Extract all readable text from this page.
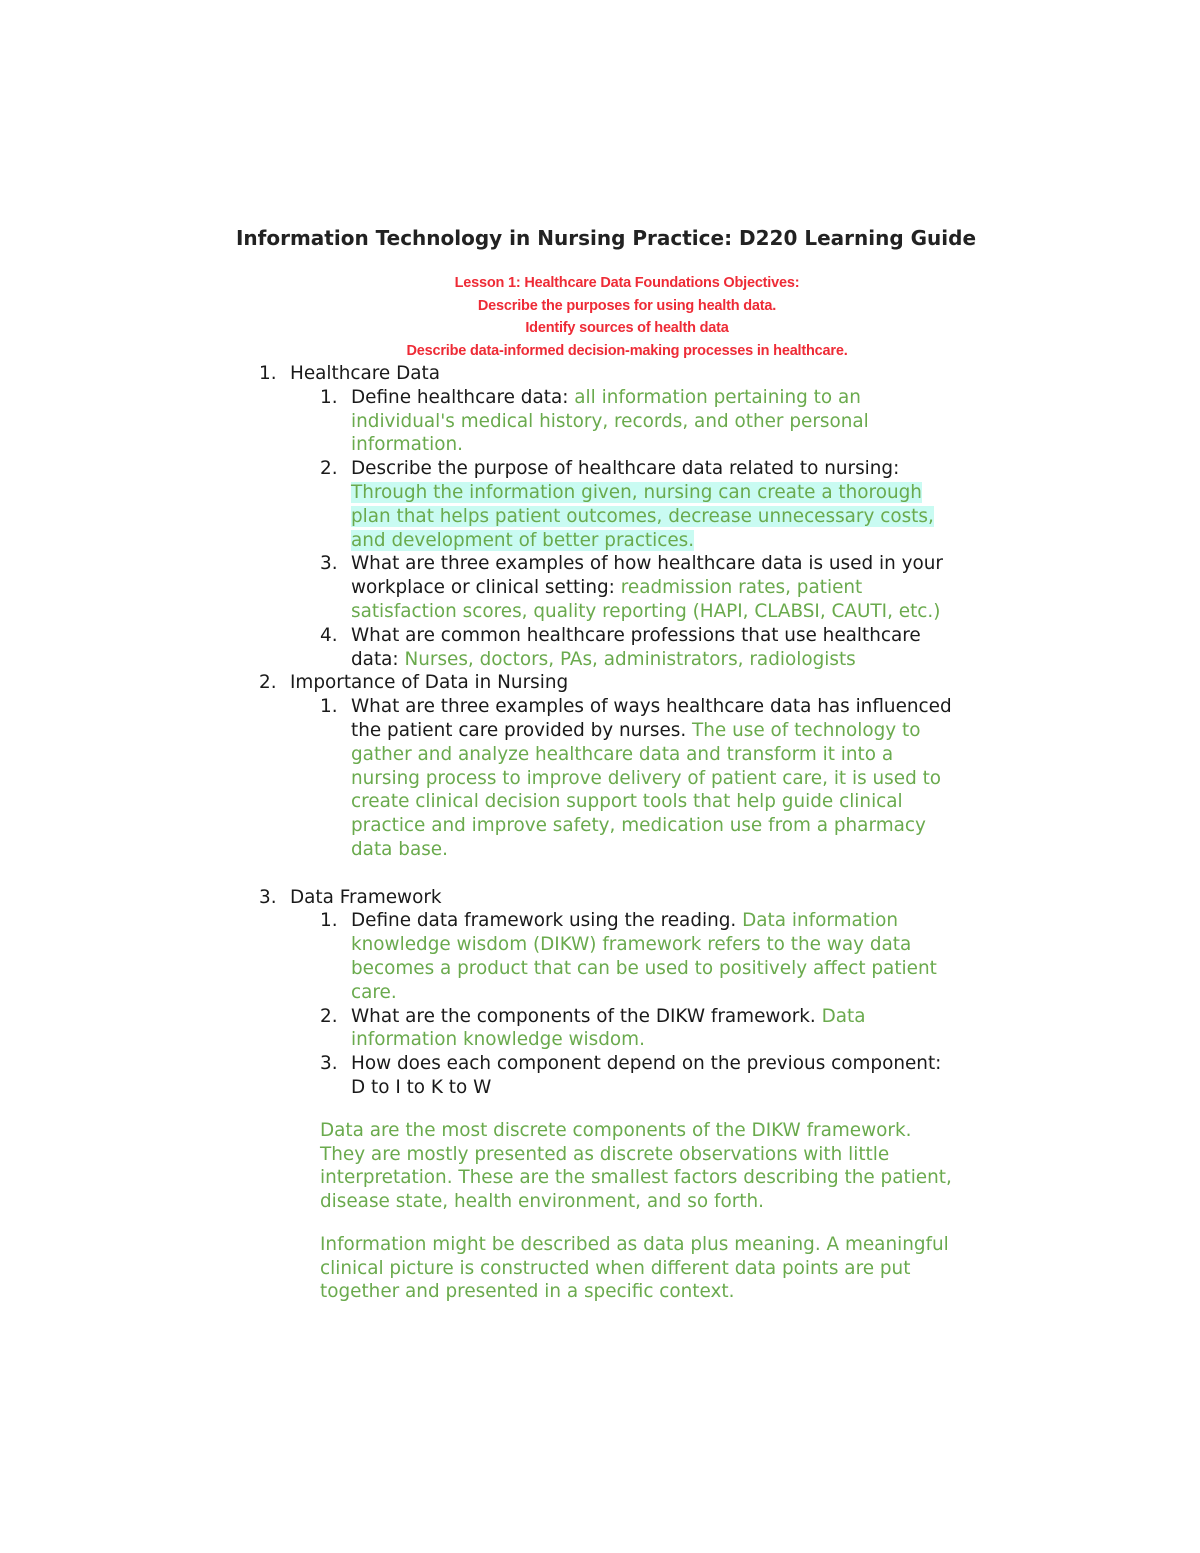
Information Technology in Nursing Practice: D220 Learning Guide
Lesson 1: Healthcare Data Foundations Objectives:
Describe the purposes for using health data.
Identify sources of health data
Describe data-informed decision-making processes in healthcare.
1. Healthcare Data
1. Define healthcare data: all information pertaining to an
individual's medical history, records, and other personal
information.
2. Describe the purpose of healthcare data related to nursing:
Through the information given, nursing can create a thorough
plan that helps patient outcomes, decrease unnecessary costs,
and development of better practices.
3. What are three examples of how healthcare data is used in your
workplace or clinical setting: readmission rates, patient
satisfaction scores, quality reporting (HAPI, CLABSI, CAUTI, etc.)
4. What are common healthcare professions that use healthcare
data: Nurses, doctors, PAs, administrators, radiologists
2. Importance of Data in Nursing
1. What are three examples of ways healthcare data has influenced
the patient care provided by nurses. The use of technology to
gather and analyze healthcare data and transform it into a
nursing process to improve delivery of patient care, it is used to
create clinical decision support tools that help guide clinical
practice and improve safety, medication use from a pharmacy
data base.
3. Data Framework
1. Define data framework using the reading. Data information
knowledge wisdom (DIKW) framework refers to the way data
becomes a product that can be used to positively affect patient
care.
2. What are the components of the DIKW framework. Data
information knowledge wisdom.
3. How does each component depend on the previous component:
D to I to K to W
Data are the most discrete components of the DIKW framework.
They are mostly presented as discrete observations with little
interpretation. These are the smallest factors describing the patient,
disease state, health environment, and so forth.
Information might be described as data plus meaning. A meaningful
clinical picture is constructed when different data points are put
together and presented in a specific context.
